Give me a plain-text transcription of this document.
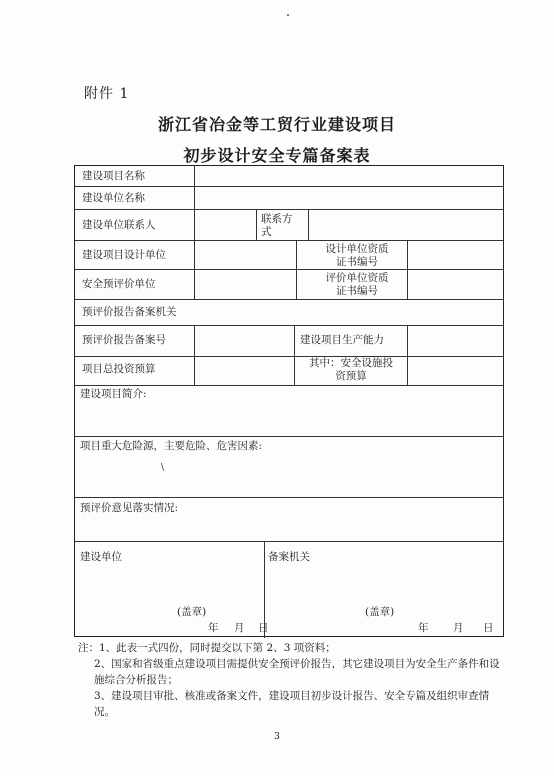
附件 1
浙江省冶金等工贸行业建设项目
初步设计安全专篇备案表
建设项目名称
建设单位名称
建设单位联系人	联系方式
建设项目设计单位	设计单位资质证书编号
安全预评价单位	评价单位资质证书编号
预评价报告备案机关
预评价报告备案号	建设项目生产能力
项目总投资预算	其中：安全设施投资预算
建设项目简介:
项目重大危险源，主要危险、危害因素:
\
预评价意见落实情况:
建设单位	备案机关
(盖章)
年 月 日
(盖章)
年 月 日

注：1、此表一式四份，同时提交以下第 2、3 项资料；

2、国家和省级重点建设项目需提供安全预评价报告，其它建设项目为安全生产条件和设施综合分析报告；

3、建设项目审批、核准或备案文件，建设项目初步设计报告、安全专篇及组织审查情况。

3
